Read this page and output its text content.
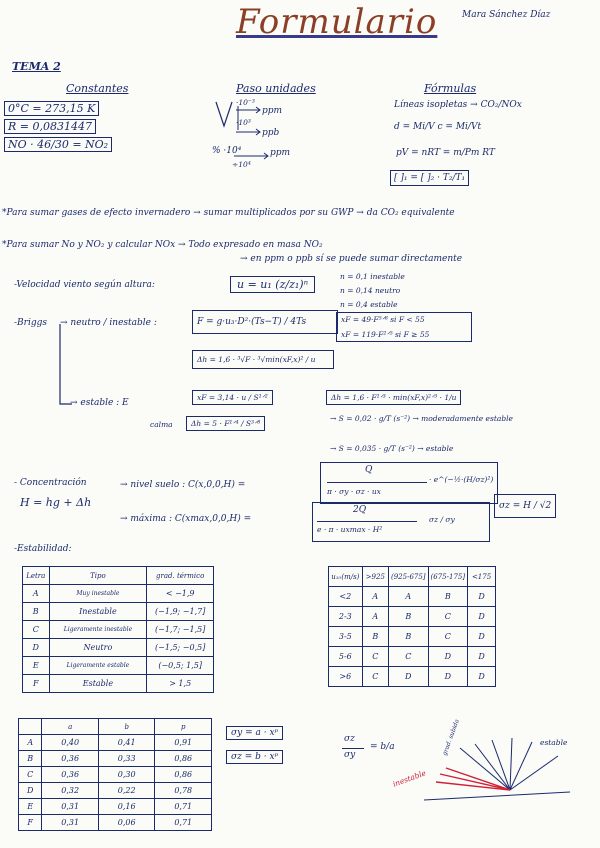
Formulario	Mara Sánchez Díaz
TEMA 2
Constantes
0°C = 273,15 K
R = 0,0831447
NO · 46/30 = NO₂
Paso unidades
·10⁻³
ppm
·10³
ppb
% ·10⁴	ppm
÷10⁴
Fórmulas
Líneas isopletas → CO₂/NOx
d = Mi/V c = Mi/Vt
pV = nRT = m/Pm RT
[ ]₁ = [ ]₂ · T₂/T₁
*Para sumar gases de efecto invernadero → sumar multiplicados por su GWP → da CO₂ equivalente
*Para sumar No y NO₂ y calcular NOx → Todo expresado en masa NO₂
→ en ppm o ppb sí se puede sumar directamente
-Velocidad viento según altura:	u = u₁ (z/z₁)ⁿ
n = 0,1 inestable
n = 0,14 neutro
n = 0,4 estable
-Briggs → neutro / inestable :	F = g·u₃·D²·(Ts−T) / 4Ts	xF = 49·F⁵ᐟ⁸ si F < 55
xF = 119·F²ᐟ⁵ si F ≥ 55
Δh = 1,6 · ³√F · ³√min(xF,x)² / u
→ estable : E
xF = 3,14 · u / S¹ᐟ²	Δh = 1,6 · F¹ᐟ³ · min(xF,x)²ᐟ³ · 1/u
calma	Δh = 5 · F¹ᐟ⁴ / S³ᐟ⁸
→ S = 0,02 · g/T (s⁻²) → moderadamente estable
→ S = 0,035 · g/T (s⁻²) → estable
- Concentración
H = hg + Δh
→ nivel suelo : C(x,0,0,H) =
Q
π · σy · σz · ux
· e^(−½·(H/σz)²)
→ máxima : C(xmax,0,0,H) =
2Q
e · π · uxmax · H²
σz / σy
σz = H / √2
-Estabilidad:
Letra	Tipo	grad. térmico
A	Muy inestable	< −1,9
B	Inestable	(−1,9; −1,7]
C	Ligeramente inestable	(−1,7; −1,5]
D	Neutro	(−1,5; −0,5]
E	Ligeramente estable	(−0,5; 1,5]
F	Estable	> 1,5
u₁₀(m/s)	>925	(925-675]	(675-175]	<175
<2	A	A	B	D
2-3	A	B	C	D
3-5	B	B	C	D
5-6	C	C	D	D
>6	C	D	D	D
	a	b	p
A	0,40	0,41	0,91
B	0,36	0,33	0,86
C	0,36	0,30	0,86
D	0,32	0,22	0,78
E	0,31	0,16	0,71
F	0,31	0,06	0,71
σy = a · xᵖ
σz = b · xᵖ
σz
σy
= b/a	estable
inestable
grad. subida
